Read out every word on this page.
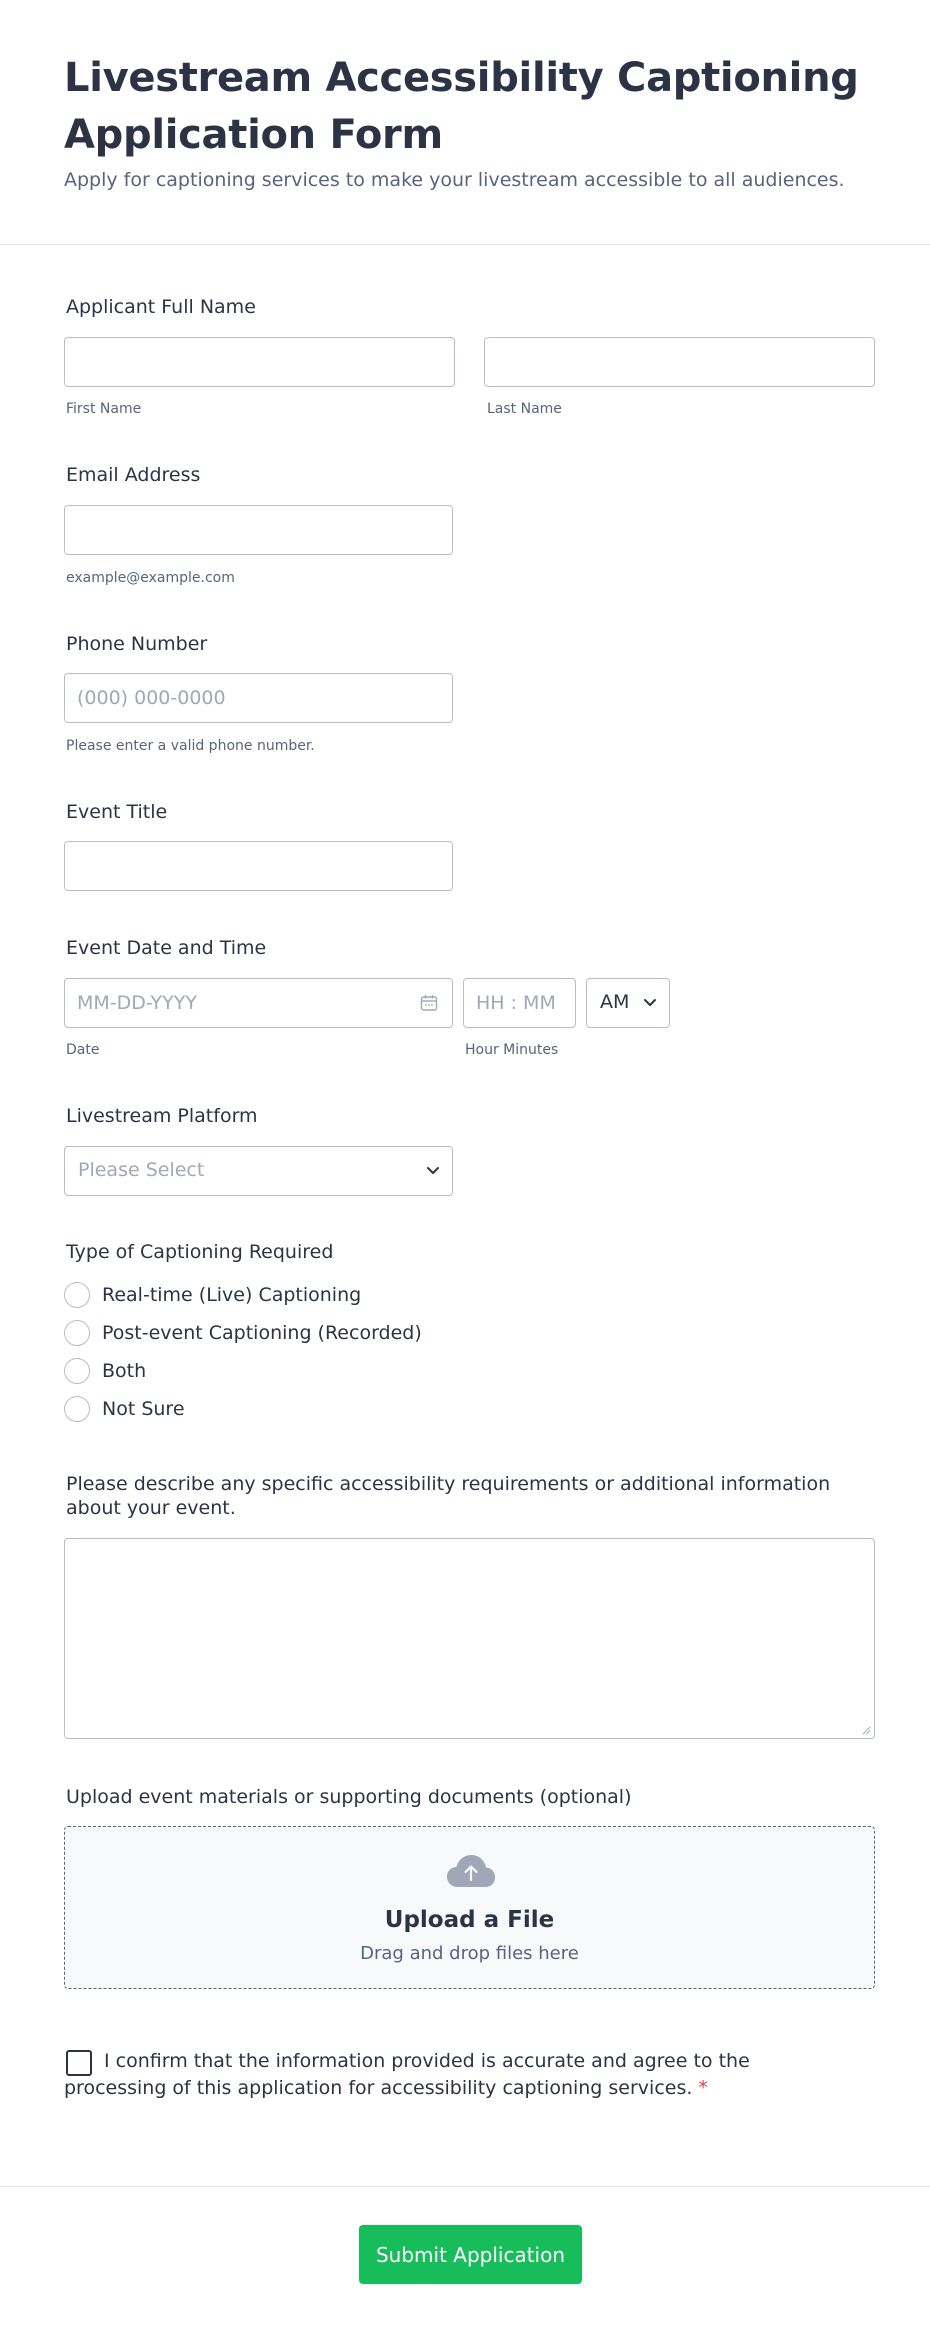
Livestream Accessibility Captioning Application Form

Apply for captioning services to make your livestream accessible to all audiences.

Applicant Full Name
First Name	Last Name
Email Address
example@example.com
Phone Number
(000) 000-0000
Please enter a valid phone number.
Event Title
Event Date and Time
MM-DD-YYYY
HH : MM
AM
Date	Hour Minutes
Livestream Platform
Please Select
Type of Captioning Required
Real-time (Live) Captioning
Post-event Captioning (Recorded)
Both
Not Sure
Please describe any specific accessibility requirements or additional information about your event.
Upload event materials or supporting documents (optional)
Upload a File
Drag and drop files here

I confirm that the information provided is accurate and agree to the processing of this application for accessibility captioning services. *

Submit Application
